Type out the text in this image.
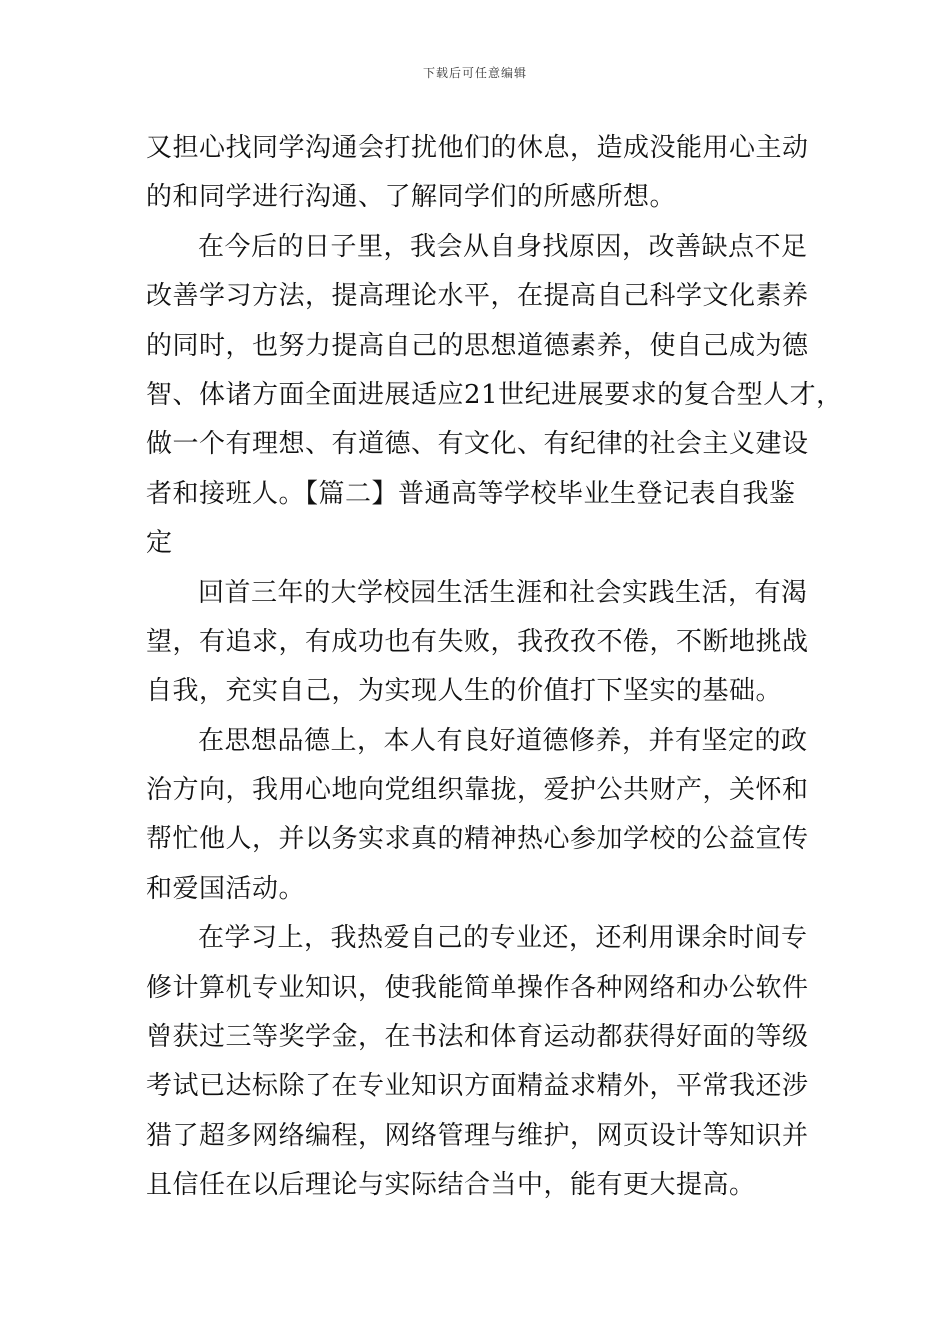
下载后可任意编辑
又担心找同学沟通会打扰他们的休息，造成没能用心主动
的和同学进行沟通、了解同学们的所感所想。
在今后的日子里，我会从自身找原因，改善缺点不足
改善学习方法，提高理论水平，在提高自己科学文化素养
的同时，也努力提高自己的思想道德素养，使自己成为德
智、体诸方面全面进展适应21世纪进展要求的复合型人才，
做一个有理想、有道德、有文化、有纪律的社会主义建设
者和接班人。【篇二】普通高等学校毕业生登记表自我鉴
定
回首三年的大学校园生活生涯和社会实践生活，有渴
望，有追求，有成功也有失败，我孜孜不倦，不断地挑战
自我，充实自己，为实现人生的价值打下坚实的基础。
在思想品德上，本人有良好道德修养，并有坚定的政
治方向，我用心地向党组织靠拢，爱护公共财产，关怀和
帮忙他人，并以务实求真的精神热心参加学校的公益宣传
和爱国活动。
在学习上，我热爱自己的专业还，还利用课余时间专
修计算机专业知识，使我能简单操作各种网络和办公软件
曾获过三等奖学金，在书法和体育运动都获得好面的等级
考试已达标除了在专业知识方面精益求精外，平常我还涉
猎了超多网络编程，网络管理与维护，网页设计等知识并
且信任在以后理论与实际结合当中，能有更大提高。
